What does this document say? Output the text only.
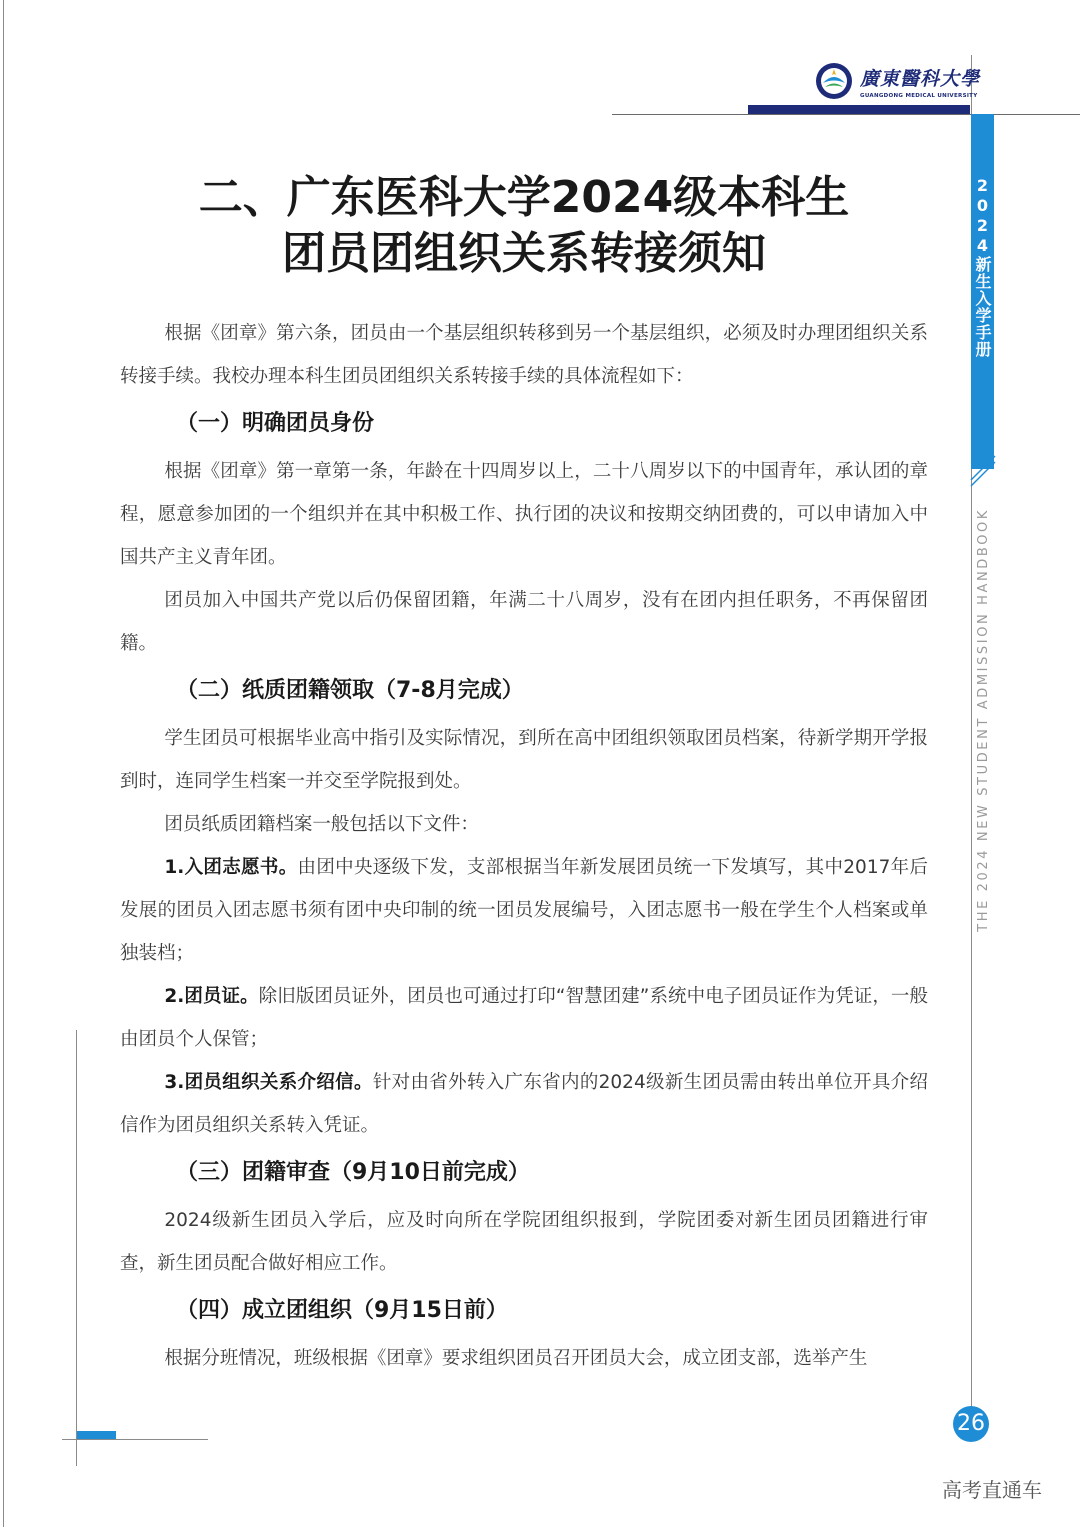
2024新生入学手册
THE 2024 NEW STUDENT ADMISSION HANDBOOK
廣東醫科大學
GUANGDONG MEDICAL UNIVERSITY
二、广东医科大学2024级本科生
团员团组织关系转接须知

根据《团章》第六条，团员由一个基层组织转移到另一个基层组织，必须及时办理团组织关系转接手续。我校办理本科生团员团组织关系转接手续的具体流程如下：

（一）明确团员身份

根据《团章》第一章第一条，年龄在十四周岁以上，二十八周岁以下的中国青年，承认团的章程，愿意参加团的一个组织并在其中积极工作、执行团的决议和按期交纳团费的，可以申请加入中国共产主义青年团。

团员加入中国共产党以后仍保留团籍，年满二十八周岁，没有在团内担任职务，不再保留团籍。

（二）纸质团籍领取（7-8月完成）

学生团员可根据毕业高中指引及实际情况，到所在高中团组织领取团员档案，待新学期开学报到时，连同学生档案一并交至学院报到处。

团员纸质团籍档案一般包括以下文件：

1.入团志愿书。由团中央逐级下发，支部根据当年新发展团员统一下发填写，其中2017年后发展的团员入团志愿书须有团中央印制的统一团员发展编号，入团志愿书一般在学生个人档案或单独装档；

2.团员证。除旧版团员证外，团员也可通过打印“智慧团建”系统中电子团员证作为凭证，一般由团员个人保管；

3.团员组织关系介绍信。针对由省外转入广东省内的2024级新生团员需由转出单位开具介绍信作为团员组织关系转入凭证。

（三）团籍审查（9月10日前完成）

2024级新生团员入学后，应及时向所在学院团组织报到，学院团委对新生团员团籍进行审查，新生团员配合做好相应工作。

（四）成立团组织（9月15日前）

根据分班情况，班级根据《团章》要求组织团员召开团员大会，成立团支部，选举产生

26
高考直通车
